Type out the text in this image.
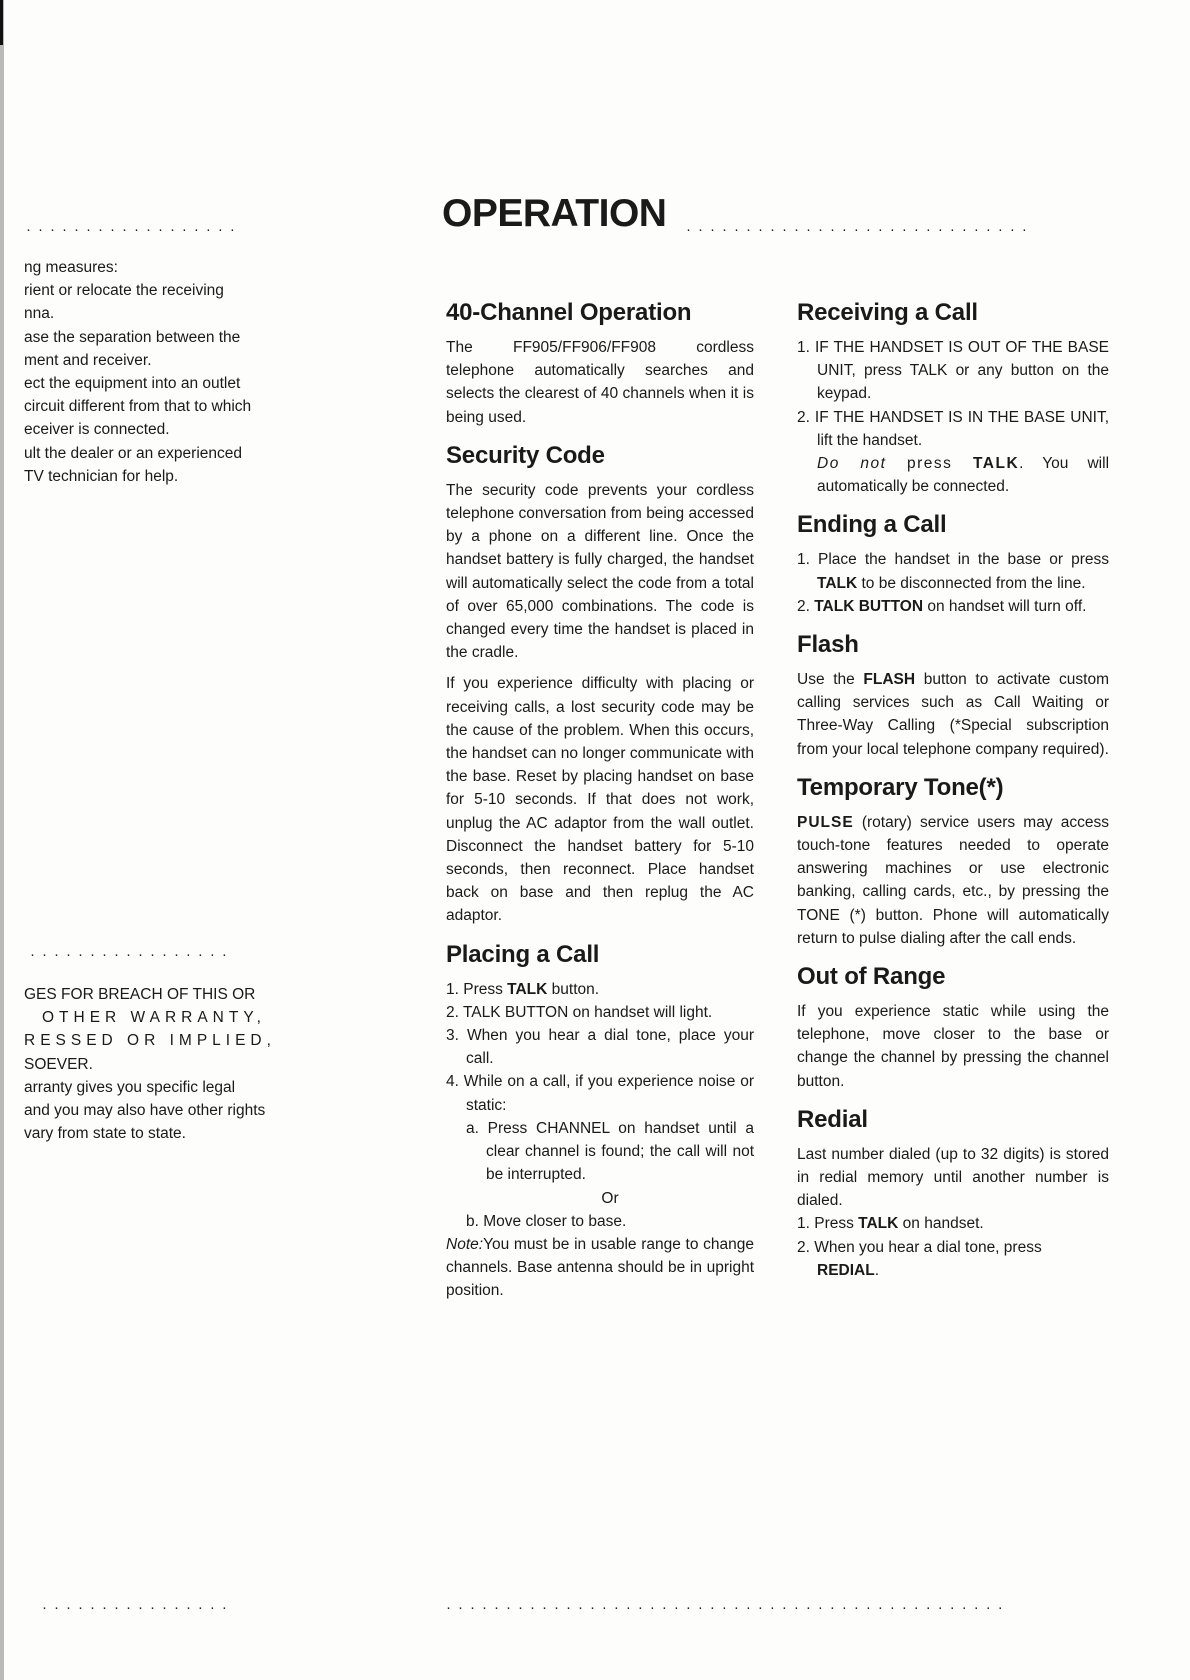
··················	·····························
·················
················	···············································
OPERATION

ng measures:

rient or relocate the receiving

nna.

ase the separation between the

ment and receiver.

ect the equipment into an outlet

circuit different from that to which

eceiver is connected.

ult the dealer or an experienced

TV technician for help.

GES FOR BREACH OF THIS OR

OTHER WARRANTY,

RESSED OR IMPLIED,

SOEVER.

arranty gives you specific legal

and you may also have other rights

vary from state to state.

40-Channel Operation

The FF905/FF906/FF908 cordless telephone automatically searches and selects the clearest of 40 channels when it is being used.

Security Code

The security code prevents your cordless telephone conversation from being accessed by a phone on a different line. Once the handset battery is fully charged, the handset will automatically select the code from a total of over 65,000 combinations. The code is changed every time the handset is placed in the cradle.

If you experience difficulty with placing or receiving calls, a lost security code may be the cause of the problem. When this occurs, the handset can no longer communicate with the base. Reset by placing handset on base for 5-10 seconds. If that does not work, unplug the AC adaptor from the wall outlet. Disconnect the handset battery for 5-10 seconds, then reconnect. Place handset back on base and then replug the AC adaptor.

Placing a Call

1. Press TALK button.

2. TALK BUTTON on handset will light.

3. When you hear a dial tone, place your call.

4. While on a call, if you experience noise or static:

a. Press CHANNEL on handset until a clear channel is found; the call will not be interrupted.

Or

b. Move closer to base.

Note:You must be in usable range to change channels. Base antenna should be in upright position.

Receiving a Call

1. IF THE HANDSET IS OUT OF THE BASE UNIT, press TALK or any button on the keypad.

2. IF THE HANDSET IS IN THE BASE UNIT, lift the handset.

Do not press TALK. You will automatically be connected.

Ending a Call

1. Place the handset in the base or press TALK to be disconnected from the line.

2. TALK BUTTON on handset will turn off.

Flash

Use the FLASH button to activate custom calling services such as Call Waiting or Three-Way Calling (*Special subscription from your local telephone company required).

Temporary Tone(*)

PULSE (rotary) service users may access touch-tone features needed to operate answering machines or use electronic banking, calling cards, etc., by pressing the TONE (*) button. Phone will automatically return to pulse dialing after the call ends.

Out of Range

If you experience static while using the telephone, move closer to the base or change the channel by pressing the channel button.

Redial

Last number dialed (up to 32 digits) is stored in redial memory until another number is dialed.

1. Press TALK on handset.

2. When you hear a dial tone, press

REDIAL.
